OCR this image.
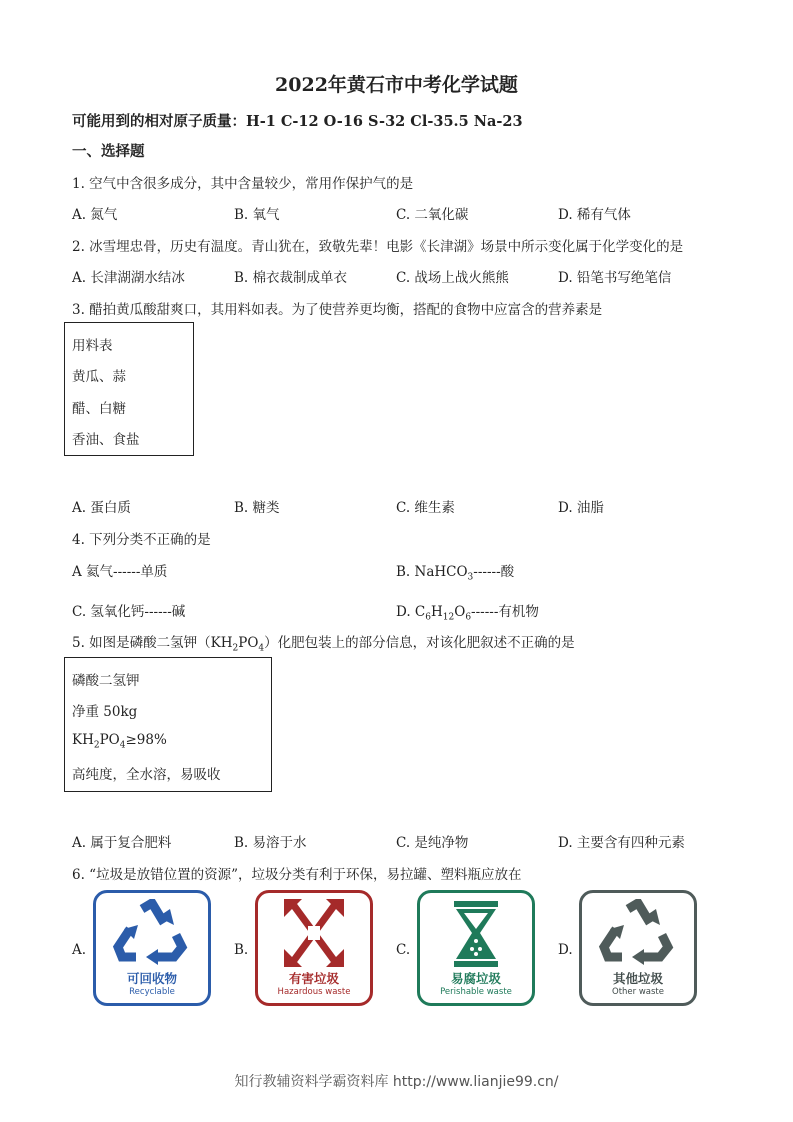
2022年黄石市中考化学试题
可能用到的相对原子质量：H-1 C-12 O-16 S-32 Cl-35.5 Na-23
一、选择题
1. 空气中含很多成分，其中含量较少，常用作保护气的是
A. 氮气	B. 氧气	C. 二氧化碳	D. 稀有气体
2. 冰雪埋忠骨，历史有温度。青山犹在，致敬先辈！电影《长津湖》场景中所示变化属于化学变化的是
A. 长津湖湖水结冰	B. 棉衣裁制成单衣	C. 战场上战火熊熊	D. 铅笔书写绝笔信
3. 醋拍黄瓜酸甜爽口，其用料如表。为了使营养更均衡，搭配的食物中应富含的营养素是
用料表
黄瓜、蒜
醋、白糖
香油、食盐
A. 蛋白质	B. 糖类	C. 维生素	D. 油脂
4. 下列分类不正确的是
A 氦气------单质	B. NaHCO$_3$------酸
C. 氢氧化钙------碱	D. $C_6H_{12}O_6------$有机物
5. 如图是磷酸二氢钾$(KH_2PO_4)$化肥包装上的部分信息，对该化肥叙述不正确的是
磷酸二氢钾
净重 50kg
$KH_2PO_4\ge 98\%$
高纯度，全水溶，易吸收
A. 属于复合肥料	B. 易溶于水	C. 是纯净物	D. 主要含有四种元素
6. “垃圾是放错位置的资源”，垃圾分类有利于环保，易拉罐、塑料瓶应放在
A.
可回收物
Recyclable
B.
有害垃圾
Hazardous waste
C.
易腐垃圾
Perishable waste
D.
其他垃圾
Other waste
知行教辅资料学霸资料库 http://www.lianjie99.cn/
